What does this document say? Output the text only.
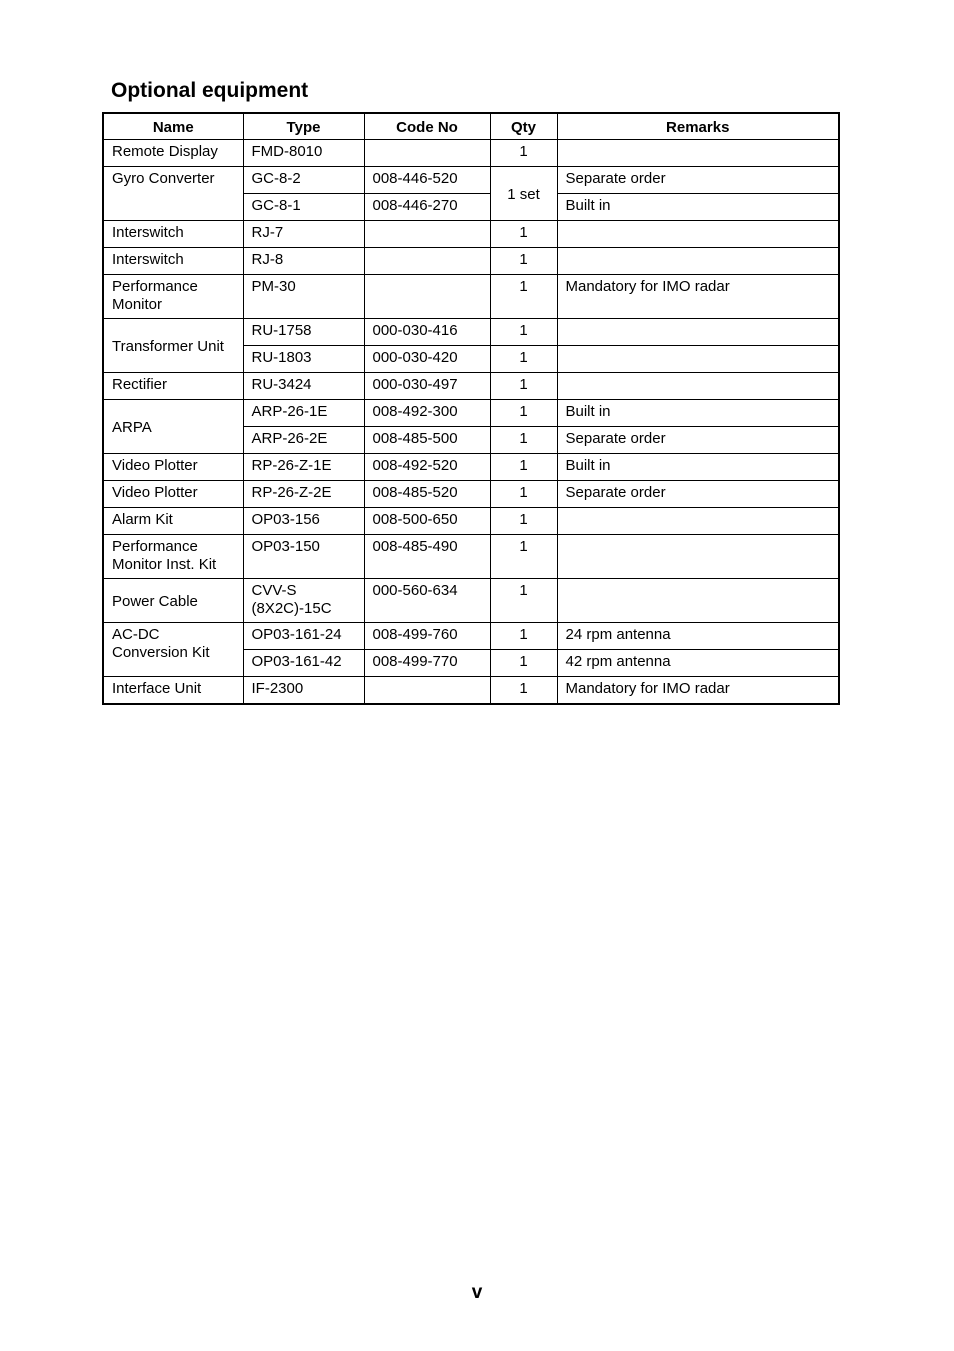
Optional equipment
Name	Type	Code No	Qty	Remarks
Remote Display	FMD-8010		1	
Gyro Converter	GC-8-2	008-446-520	1 set	Separate order
	GC-8-1	008-446-270		Built in
Interswitch	RJ-7		1	
Interswitch	RJ-8		1	
Performance Monitor	PM-30		1	Mandatory for IMO radar
Transformer Unit	RU-1758	000-030-416	1	
	RU-1803	000-030-420	1	
Rectifier	RU-3424	000-030-497	1	
ARPA	ARP-26-1E	008-492-300	1	Built in
	ARP-26-2E	008-485-500	1	Separate order
Video Plotter	RP-26-Z-1E	008-492-520	1	Built in
Video Plotter	RP-26-Z-2E	008-485-520	1	Separate order
Alarm Kit	OP03-156	008-500-650	1	
Performance Monitor Inst. Kit	OP03-150	008-485-490	1	
Power Cable	CVV-S (8X2C)-15C	000-560-634	1	
AC-DC Conversion Kit	OP03-161-24	008-499-760	1	24 rpm antenna
	OP03-161-42	008-499-770	1	42 rpm antenna
Interface Unit	IF-2300		1	Mandatory for IMO radar

v
